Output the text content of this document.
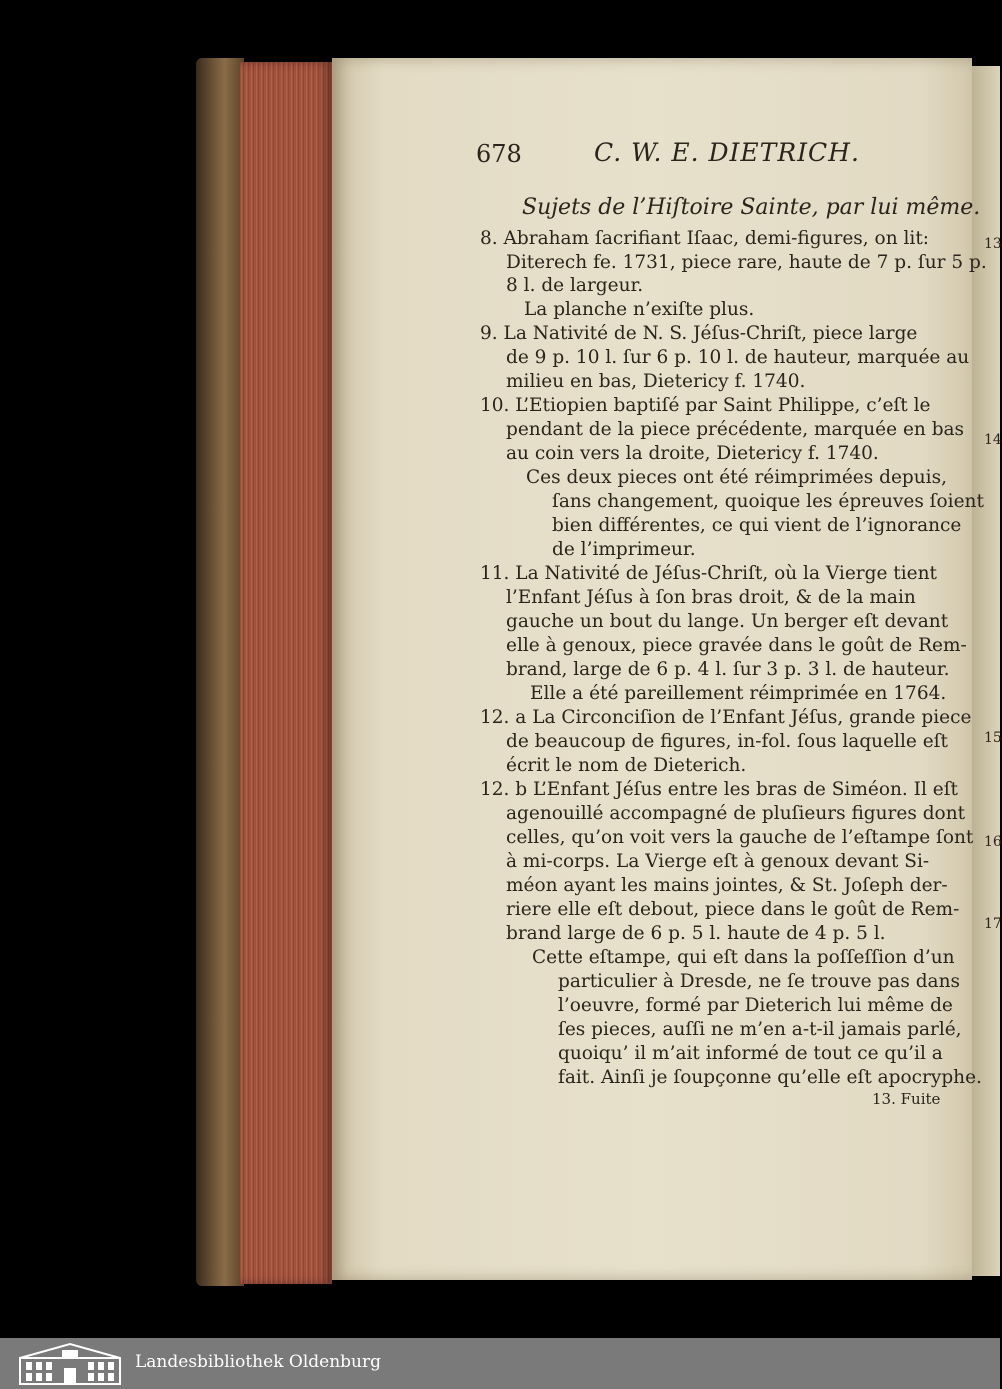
678	C. W. E. DIETRICH.
Sujets de l’Hiſtoire Sainte, par lui même.
8. Abraham ſacrifiant Iſaac, demi-figures, on lit:
Diterech fe. 1731, piece rare, haute de 7 p. ſur 5 p.
8 l. de largeur.
La planche n’exiſte plus.
9. La Nativité de N. S. Jéſus-Chriſt, piece large
de 9 p. 10 l. ſur 6 p. 10 l. de hauteur, marquée au
milieu en bas, Dietericy f. 1740.
10. L’Etiopien baptiſé par Saint Philippe, c’eſt le
pendant de la piece précédente, marquée en bas
au coin vers la droite, Dietericy f. 1740.
Ces deux pieces ont été réimprimées depuis,
ſans changement, quoique les épreuves ſoient
bien différentes, ce qui vient de l’ignorance
de l’imprimeur.
11. La Nativité de Jéſus-Chriſt, où la Vierge tient
l’Enfant Jéſus à ſon bras droit, & de la main
gauche un bout du lange. Un berger eſt devant
elle à genoux, piece gravée dans le goût de Rem-
brand, large de 6 p. 4 l. ſur 3 p. 3 l. de hauteur.
Elle a été pareillement réimprimée en 1764.
12. a La Circonciſion de l’Enfant Jéſus, grande piece
de beaucoup de figures, in-fol. ſous laquelle eſt
écrit le nom de Dieterich.
12. b L’Enfant Jéſus entre les bras de Siméon. Il eſt
agenouillé accompagné de pluſieurs figures dont
celles, qu’on voit vers la gauche de l’eſtampe ſont
à mi-corps. La Vierge eſt à genoux devant Si-
méon ayant les mains jointes, & St. Joſeph der-
riere elle eſt debout, piece dans le goût de Rem-
brand large de 6 p. 5 l. haute de 4 p. 5 l.
Cette eſtampe, qui eſt dans la poſſeſſion d’un
particulier à Dresde, ne ſe trouve pas dans
l’oeuvre, formé par Dieterich lui même de
ſes pieces, auſſi ne m’en a-t-il jamais parlé,
quoiqu’ il m’ait informé de tout ce qu’il a
fait. Ainſi je ſoupçonne qu’elle eſt apocryphe.
13. Fuite
13
14
15
16
17
Landesbibliothek Oldenburg
